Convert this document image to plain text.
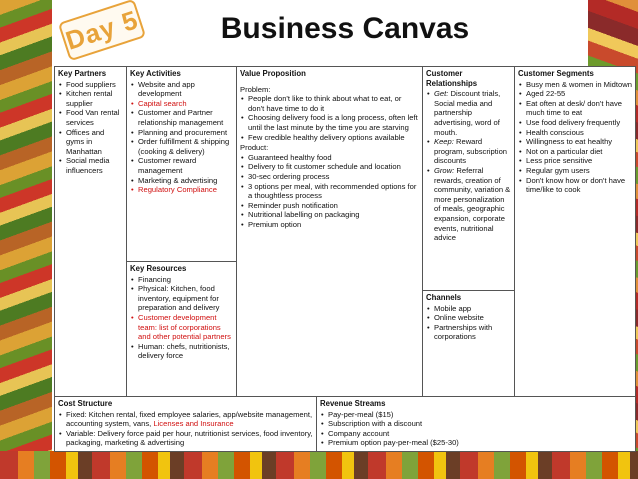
Day 5	Business Canvas
Key Partners
• Food suppliers
• Kitchen rental supplier
• Food Van rental services
• Offices and gyms in Manhattan
• Social media influencers
Key Activities
• Website and app development
• Capital search
• Customer and Partner relationship management
• Planning and procurement
• Order fulfillment & shipping (cooking & delivery)
• Customer reward management
• Marketing & advertising
• Regulatory Compliance
Key Resources
• Financing
• Physical: Kitchen, food inventory, equipment for preparation and delivery
• Customer development team: list of corporations and other potential partners
• Human: chefs, nutritionists, delivery force
Value Proposition
Problem:
• People don't like to think about what to eat, or don't have time to do it
• Choosing delivery food is a long process, often left until the last minute by the time you are starving
• Few credible healthy delivery options available
Product:
• Guaranteed healthy food
• Delivery to fit customer schedule and location
• 30-sec ordering process
• 3 options per meal, with recommended options for a thoughtless process
• Reminder push notification
• Nutritional labelling on packaging
• Premium option
Customer Relationships
• Get: Discount trials, Social media and partnership advertising, word of mouth.
• Keep: Reward program, subscription discounts
• Grow: Referral rewards, creation of community, variation & more personalization of meals, geographic expansion, corporate events, nutritional advice
Channels
• Mobile app
• Online website
• Partnerships with corporations
Customer Segments
• Busy men & women in Midtown
• Aged 22-55
• Eat often at desk/ don't have much time to eat
• Use food delivery frequently
• Health conscious
• Willingness to eat healthy
• Not on a particular diet
• Less price sensitive
• Regular gym users
• Don't know how or don't have time/like to cook
Cost Structure
• Fixed: Kitchen rental, fixed employee salaries, app/website management, accounting system, vans, Licenses and Insurance
• Variable: Delivery force paid per hour, nutritionist services, food inventory, packaging, marketing & advertising
Revenue Streams
• Pay-per-meal ($15)
• Subscription with a discount
• Company account
• Premium option pay-per-meal ($25-30)
